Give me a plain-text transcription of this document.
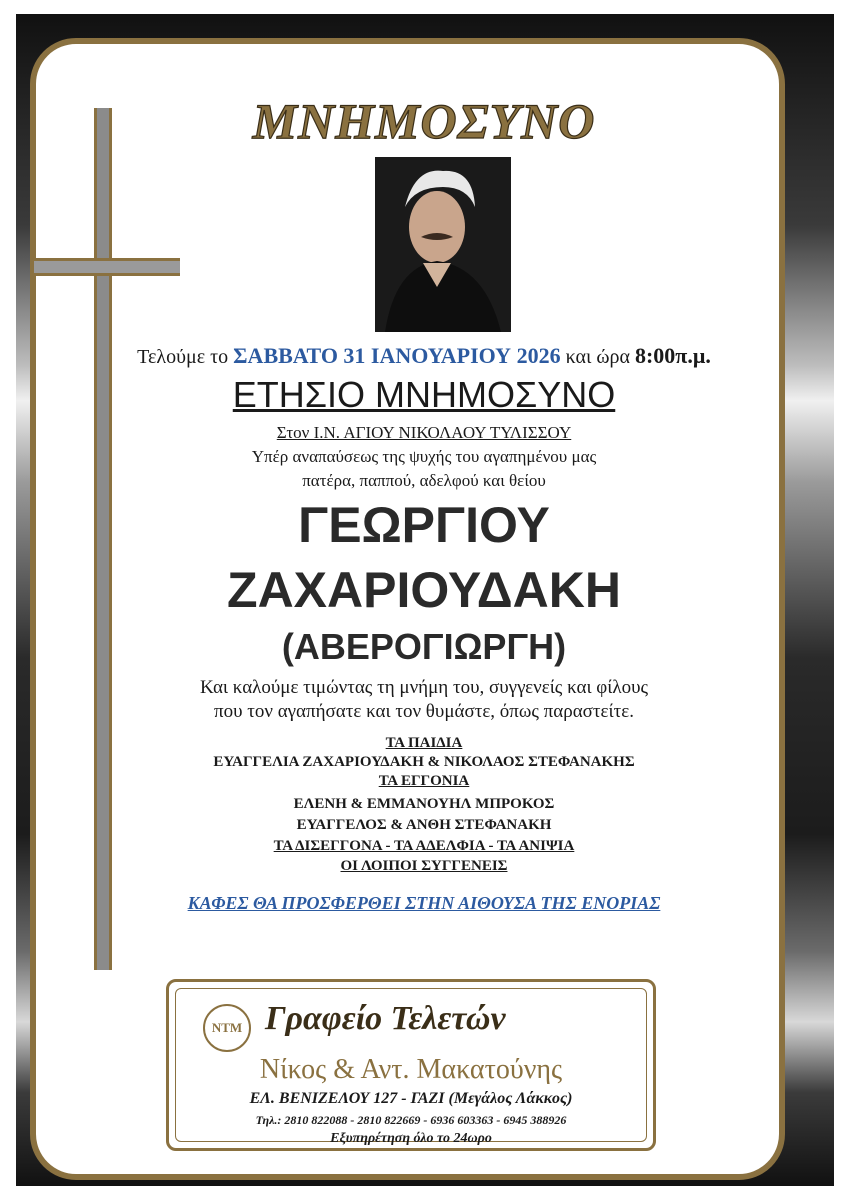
ΜΝΗΜΟΣΥΝΟ
Τελούμε το ΣΑΒΒΑΤΟ 31 ΙΑΝΟΥΑΡΙΟΥ 2026 και ώρα 8:00π.μ.
ΕΤΗΣΙΟ ΜΝΗΜΟΣΥΝΟ
Στον Ι.Ν. ΑΓΙΟΥ ΝΙΚΟΛΑΟΥ ΤΥΛΙΣΣΟΥ
Υπέρ αναπαύσεως της ψυχής του αγαπημένου μας
πατέρα, παππού, αδελφού και θείου
ΓΕΩΡΓΙΟΥ
ΖΑΧΑΡΙΟΥΔΑΚΗ
(ΑΒΕΡΟΓΙΩΡΓΗ)
Και καλούμε τιμώντας τη μνήμη του, συγγενείς και φίλους
που τον αγαπήσατε και τον θυμάστε, όπως παραστείτε.
ΤΑ ΠΑΙΔΙΑ
ΕΥΑΓΓΕΛΙΑ ΖΑΧΑΡΙΟΥΔΑΚΗ & ΝΙΚΟΛΑΟΣ ΣΤΕΦΑΝΑΚΗΣ
ΤΑ ΕΓΓΟΝΙΑ
ΕΛΕΝΗ & ΕΜΜΑΝΟΥΗΛ ΜΠΡΟΚΟΣ
ΕΥΑΓΓΕΛΟΣ & ΑΝΘΗ ΣΤΕΦΑΝΑΚΗ
ΤΑ ΔΙΣΕΓΓΟΝΑ - ΤΑ ΑΔΕΛΦΙΑ - ΤΑ ΑΝΙΨΙΑ
ΟΙ ΛΟΙΠΟΙ ΣΥΓΓΕΝΕΙΣ
ΚΑΦΕΣ ΘΑ ΠΡΟΣΦΕΡΘΕΙ ΣΤΗΝ ΑΙΘΟΥΣΑ ΤΗΣ ΕΝΟΡΙΑΣ
ΝΤΜ Γραφείο Τελετών
Νίκος & Αντ. Μακατούνης
ΕΛ. ΒΕΝΙΖΕΛΟΥ 127 - ΓΑΖΙ (Μεγάλος Λάκκος)
Τηλ.: 2810 822088 - 2810 822669 - 6936 603363 - 6945 388926
Εξυπηρέτηση όλο το 24ωρο
